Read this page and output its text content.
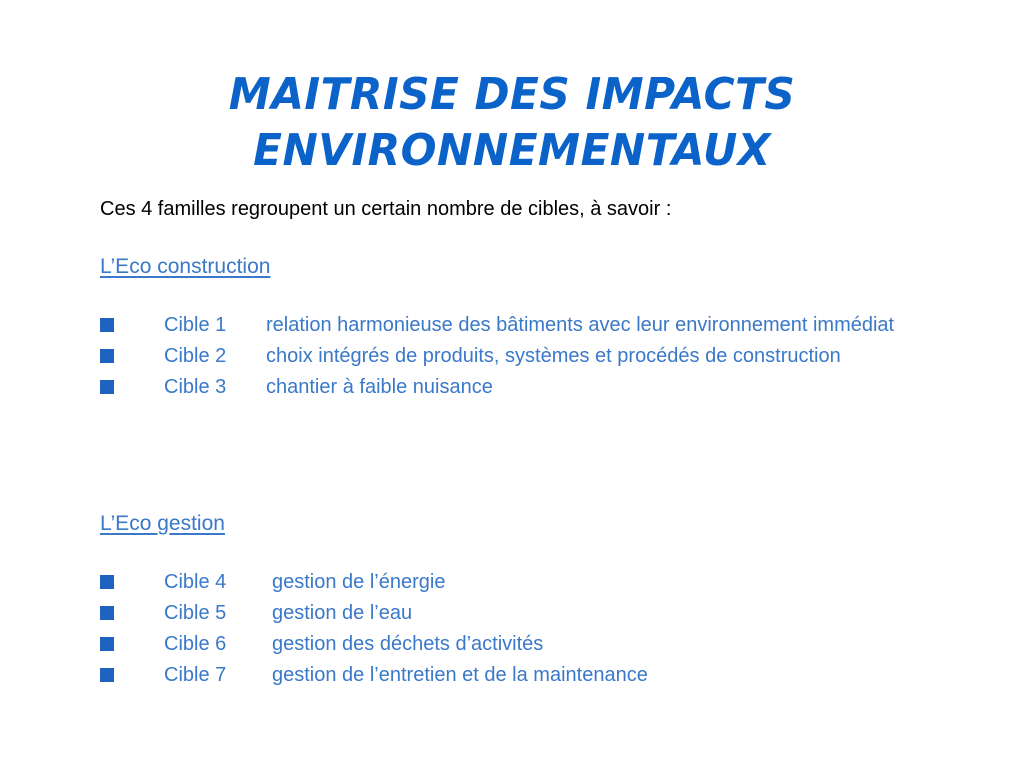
MAITRISE DES IMPACTS
ENVIRONNEMENTAUX
Ces 4 familles regroupent un certain nombre de cibles, à savoir :
L’Eco construction
Cible 1	relation harmonieuse des bâtiments avec leur environnement immédiat
Cible 2	choix intégrés de produits, systèmes et procédés de construction
Cible 3	chantier à faible nuisance
L’Eco gestion
Cible 4	gestion de l’énergie
Cible 5	gestion de l’eau
Cible 6	gestion des déchets d’activités
Cible 7	gestion de l’entretien et de la maintenance
